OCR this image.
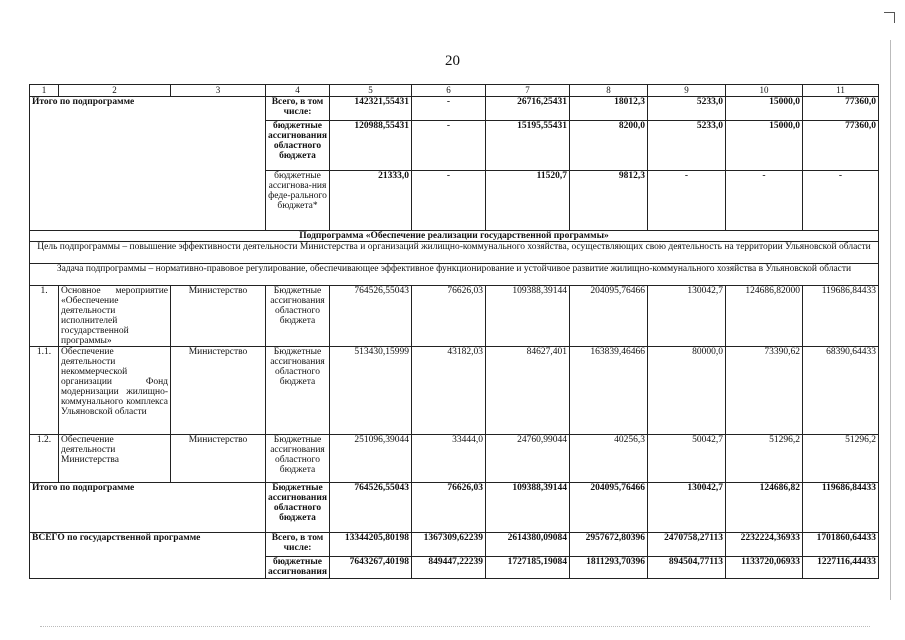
20
1	2	3	4	5	6	7	8	9	10	11
Итого по подпрограмме			Всего, в том числе:	142321,55431	-	26716,25431	18012,3	5233,0	15000,0	77360,0
			бюджетные ассигнования областного бюджета	120988,55431	-	15195,55431	8200,0	5233,0	15000,0	77360,0
			бюджетные ассигнова-ния феде-рального бюджета*	21333,0	-	11520,7	9812,3	-	-	-
Подпрограмма «Обеспечение реализации государственной программы»										
Цель подпрограммы – повышение эффективности деятельности Министерства и организаций жилищно-коммунального хозяйства, осуществляющих свою деятельность на территории Ульяновской области										
Задача подпрограммы – нормативно-правовое регулирование, обеспечивающее эффективное функционирование и устойчивое развитие жилищно-коммунального хозяйства в Ульяновской области										
1.	Основное мероприятие «Обеспечение деятельности исполнителей государственной программы»	Министерство	Бюджетные ассигнования областного бюджета	764526,55043	76626,03	109388,39144	204095,76466	130042,7	124686,82000	119686,84433
1.1.	Обеспечение деятельности некоммерческой организации Фонд модернизации жилищно-коммунального комплекса Ульяновской области	Министерство	Бюджетные ассигнования областного бюджета	513430,15999	43182,03	84627,401	163839,46466	80000,0	73390,62	68390,64433
1.2.	Обеспечение деятельности Министерства	Министерство	Бюджетные ассигнования областного бюджета	251096,39044	33444,0	24760,99044	40256,3	50042,7	51296,2	51296,2
Итого по подпрограмме			Бюджетные ассигнования областного бюджета	764526,55043	76626,03	109388,39144	204095,76466	130042,7	124686,82	119686,84433
ВСЕГО по государственной программе			Всего, в том числе:	13344205,80198	1367309,62239	2614380,09084	2957672,80396	2470758,27113	2232224,36933	1701860,64433
			бюджетные ассигнования	7643267,40198	849447,22239	1727185,19084	1811293,70396	894504,77113	1133720,06933	1227116,44433
